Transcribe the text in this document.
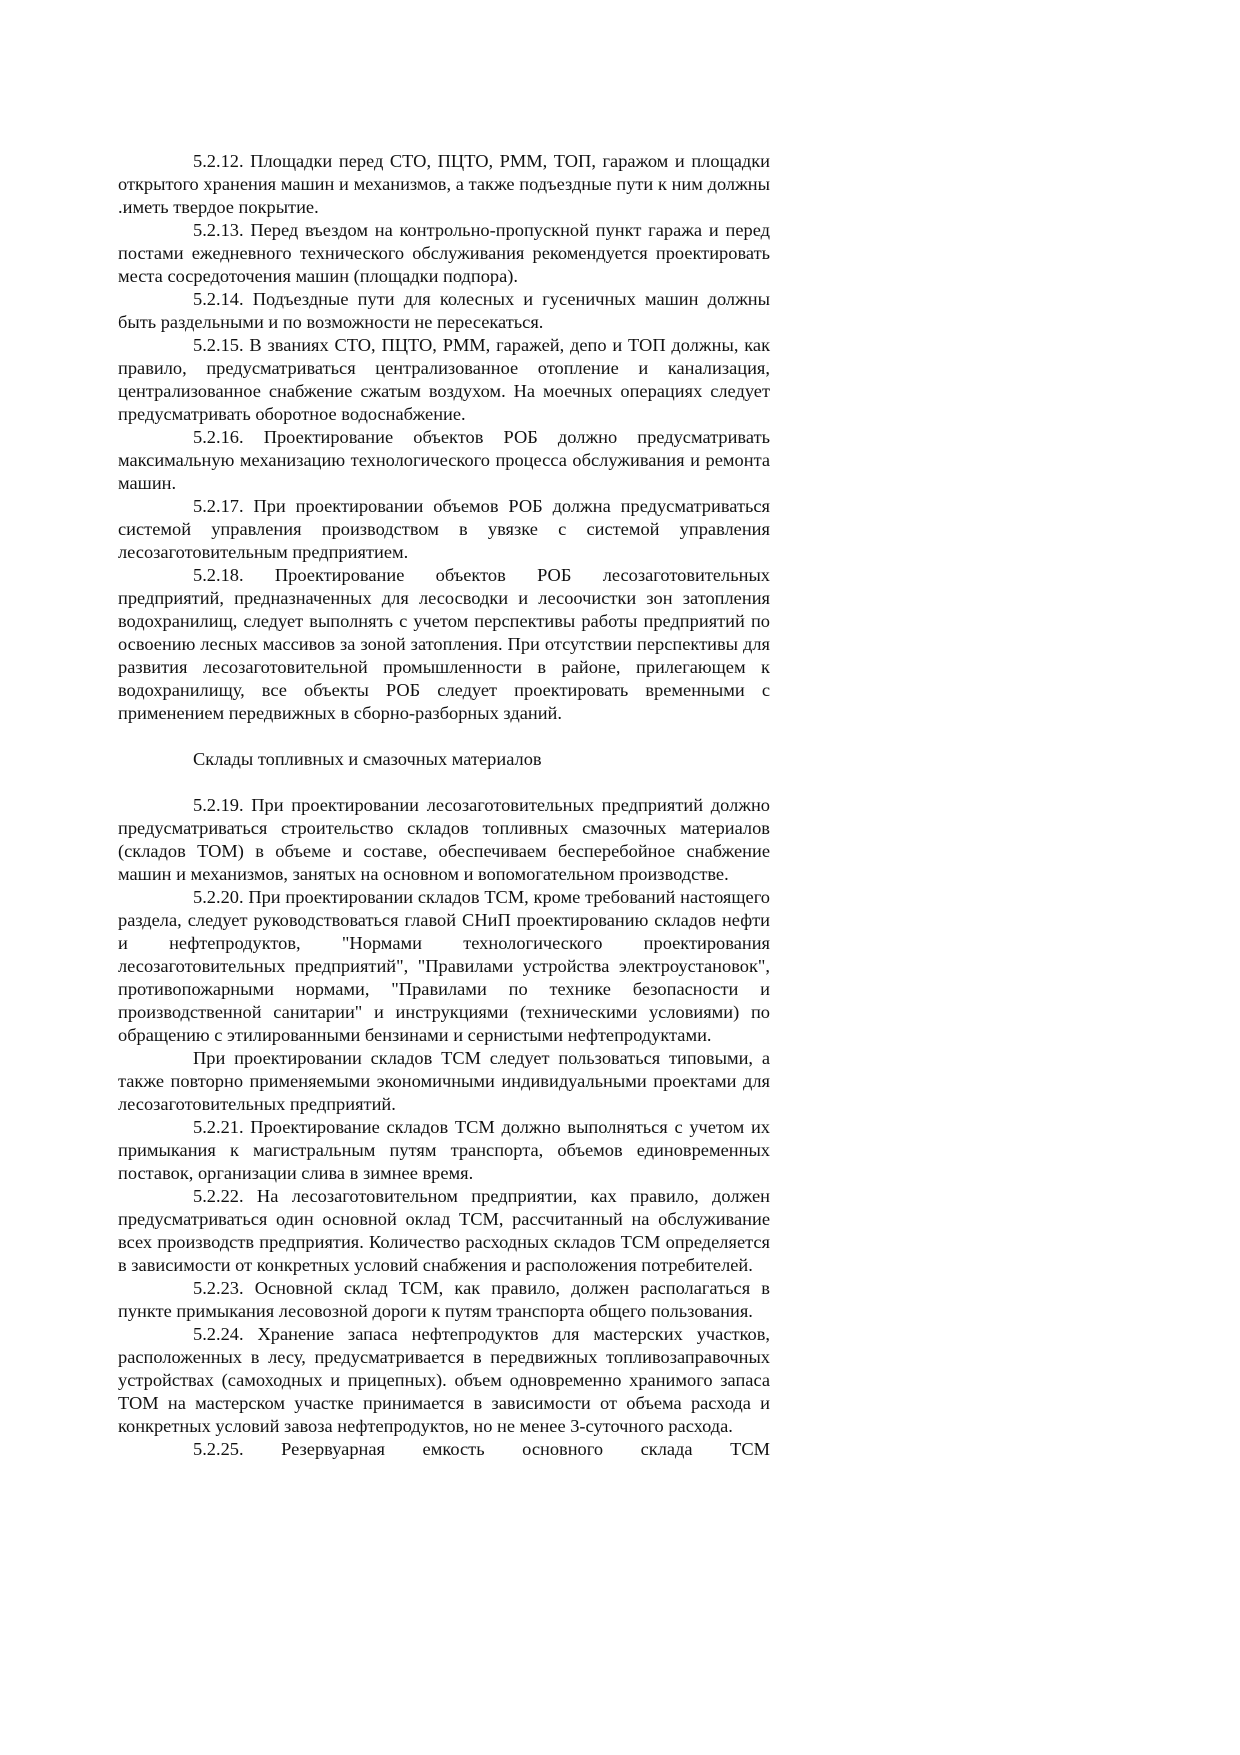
5.2.12. Площадки перед СТО, ПЦТО, РММ, ТОП, гаражом и площадки открытого хранения машин и механизмов, а также подъездные пути к ним должны .иметь твердое покрытие.

5.2.13. Перед въездом на контрольно-пропускной пункт гаража и перед постами ежедневного технического обслуживания рекомендуется проектировать места сосредоточения машин (площадки подпора).

5.2.14. Подъездные пути для колесных и гусеничных машин должны быть раздельными и по возможности не пересекаться.

5.2.15. В званиях СТО, ПЦТО, РММ, гаражей, депо и ТОП должны, как правило, предусматриваться централизованное отопление и канализация, централизованное снабжение сжатым воздухом. На моечных операциях следует предусматривать оборотное водоснабжение.

5.2.16. Проектирование объектов РОБ должно предусматривать максимальную механизацию технологического процесса обслуживания и ремонта машин.

5.2.17. При проектировании объемов РОБ должна предусматриваться системой управления производством в увязке с системой управления лесозаготовительным предприятием.

5.2.18. Проектирование объектов РОБ лесозаготовительных предприятий, предназначенных для лесосводки и лесоочистки зон затопления водохранилищ, следует выполнять с учетом перспективы работы предприятий по освоению лесных массивов за зоной затопления. При отсутствии перспективы для развития лесозаготовительной промышленности в районе, прилегающем к водохранилищу, все объекты РОБ следует проектировать временными с применением передвижных в сборно-разборных зданий.

Склады топливных и смазочных материалов

5.2.19. При проектировании лесозаготовительных предприятий должно предусматриваться строительство складов топливных смазочных материалов (складов ТОМ) в объеме и составе, обеспечиваем бесперебойное снабжение машин и механизмов, занятых на основном и вопомогательном производстве.

5.2.20. При проектировании складов ТСМ, кроме требований настоящего раздела, следует руководствоваться главой СНиП проектированию складов нефти и нефтепродуктов, "Нормами технологического проектирования лесозаготовительных предприятий", "Правилами устройства электроустановок", противопожарными нормами, "Правилами по технике безопасности и производственной санитарии" и инструкциями (техническими условиями) по обращению с этилированными бензинами и сернистыми нефтепродуктами.

При проектировании складов ТСМ следует пользоваться типовыми, а также повторно применяемыми экономичными индивидуальными проектами для лесозаготовительных предприятий.

5.2.21. Проектирование складов ТСМ должно выполняться с учетом их примыкания к магистральным путям транспорта, объемов единовременных поставок, организации слива в зимнее время.

5.2.22. На лесозаготовительном предприятии, ках правило, должен предусматриваться один основной оклад ТСМ, рассчитанный на обслуживание всех производств предприятия. Количество расходных складов ТСМ определяется в зависимости от конкретных условий снабжения и расположения потребителей.

5.2.23. Основной склад ТСМ, как правило, должен располагаться в пункте примыкания лесовозной дороги к путям транспорта общего пользования.

5.2.24. Хранение запаса нефтепродуктов для мастерских участков, расположенных в лесу, предусматривается в передвижных топливозаправочных устройствах (самоходных и прицепных). объем одновременно хранимого запаса ТОМ на мастерском участке принимается в зависимости от объема расхода и конкретных условий завоза нефтепродуктов, но не менее 3-суточного расхода.

5.2.25. Резервуарная емкость основного склада ТСМ
